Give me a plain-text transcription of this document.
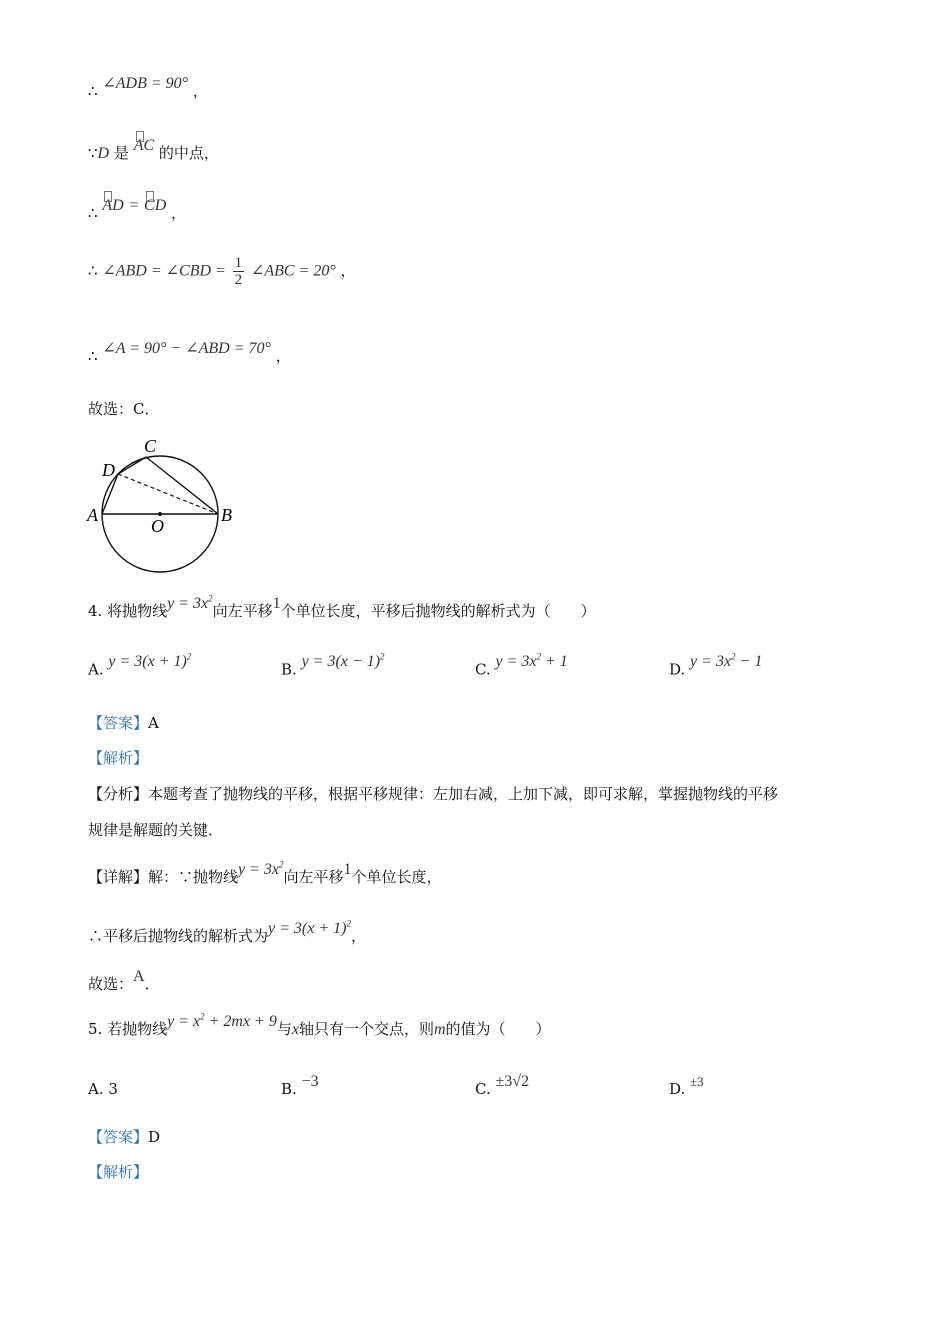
∴ ∠ADB = 90° ，
∵D 是 AC 的中点，
∴ AD = CD ，
∴ ∠ABD = ∠CBD = $\frac{1}{2}$ ∠ABC = 20° ，
∴ ∠A = 90° − ∠ABD = 70° ，
故选：C．
C
D
A	B
O
4. 将抛物线$y = 3x^2$向左平移1个单位长度，平移后抛物线的解析式为（　　）
A. $y = 3(x + 1)^2$
B. $y = 3(x - 1)^2$
C. $y = 3x^2 + 1$	D. $y = 3x^2 - 1$
【答案】A
【解析】
【分析】本题考查了抛物线的平移，根据平移规律：左加右减，上加下减，即可求解，掌握抛物线的平移
规律是解题的关键．
【详解】解：∵抛物线$y = 3x^2$向左平移1个单位长度，
∴平移后抛物线的解析式为$y = 3(x + 1)^2$，
故选：A．
5. 若抛物线$y = x^2 + 2mx + 9$与x轴只有一个交点，则m的值为（　　）
A. 3	B. −3	C. ±3√2	D. ±3
【答案】D
【解析】
